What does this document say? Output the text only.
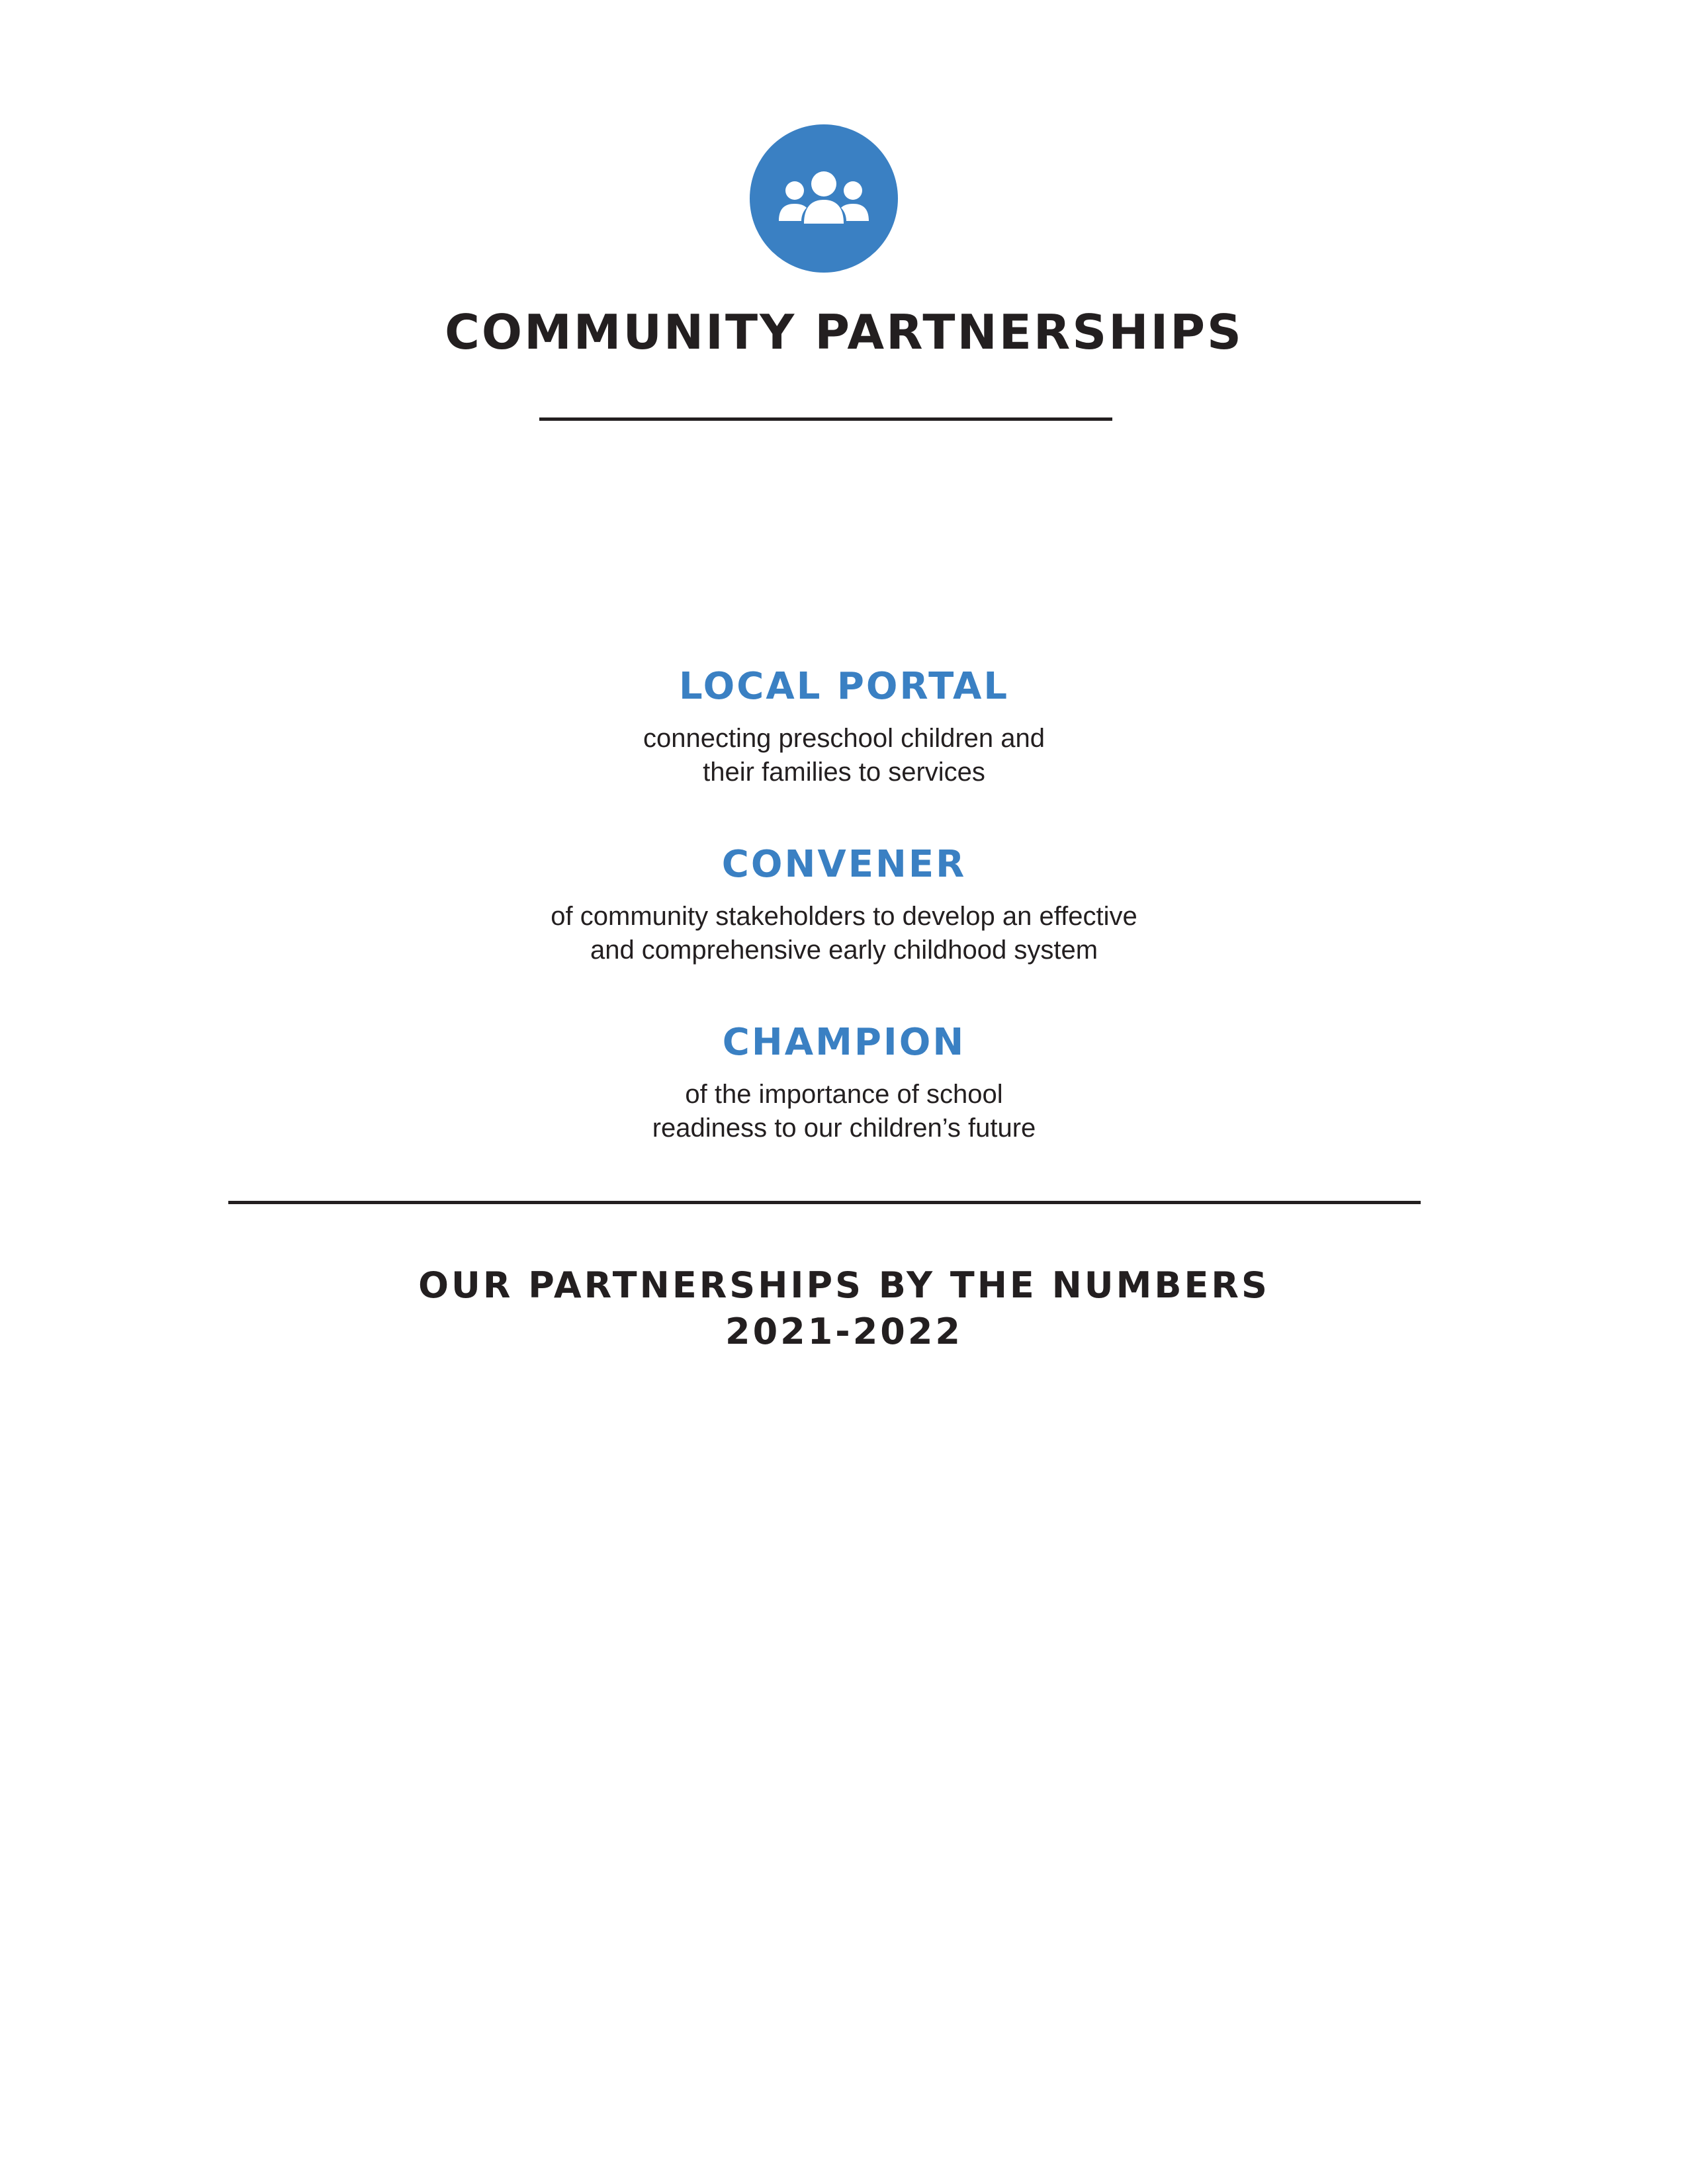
COMMUNITY PARTNERSHIPS
LOCAL PORTAL
connecting preschool children and
their families to services
CONVENER
of community stakeholders to develop an effective
and comprehensive early childhood system
CHAMPION
of the importance of school
readiness to our children’s future
OUR PARTNERSHIPS BY THE NUMBERS
2021-2022
